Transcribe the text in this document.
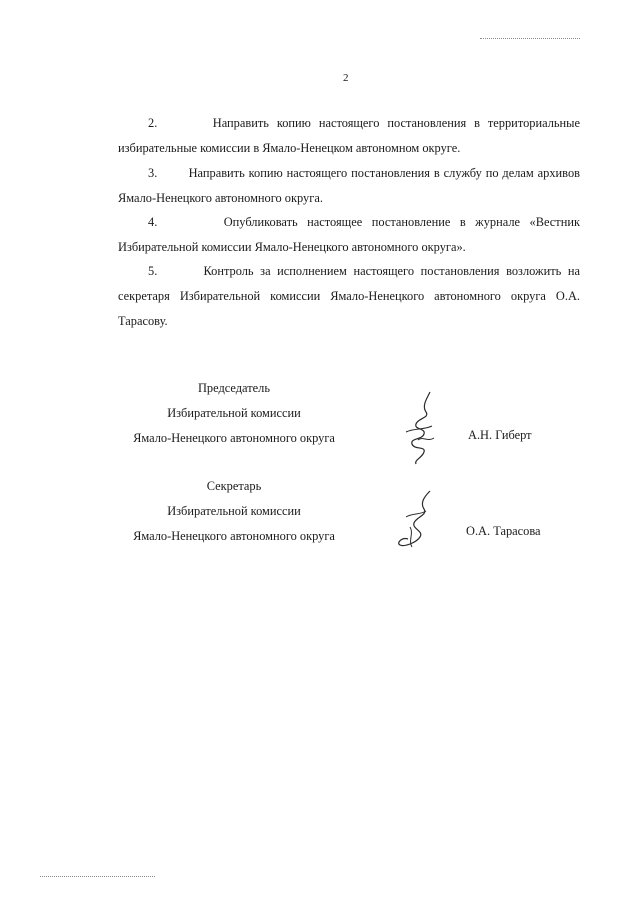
2

2.	Направить копию настоящего постановления в территориальные избирательные комиссии в Ямало-Ненецком автономном округе.

3.	Направить копию настоящего постановления в службу по делам архивов Ямало-Ненецкого автономного округа.

4.	Опубликовать настоящее постановление в журнале «Вестник Избирательной комиссии Ямало-Ненецкого автономного округа».

5.	Контроль за исполнением настоящего постановления возложить на секретаря Избирательной комиссии Ямало-Ненецкого автономного округа О.А. Тарасову.

Председатель
Избирательной комиссии
Ямало-Ненецкого автономного округа	А.Н. Гиберт
Секретарь
Избирательной комиссии
Ямало-Ненецкого автономного округа	О.А. Тарасова
